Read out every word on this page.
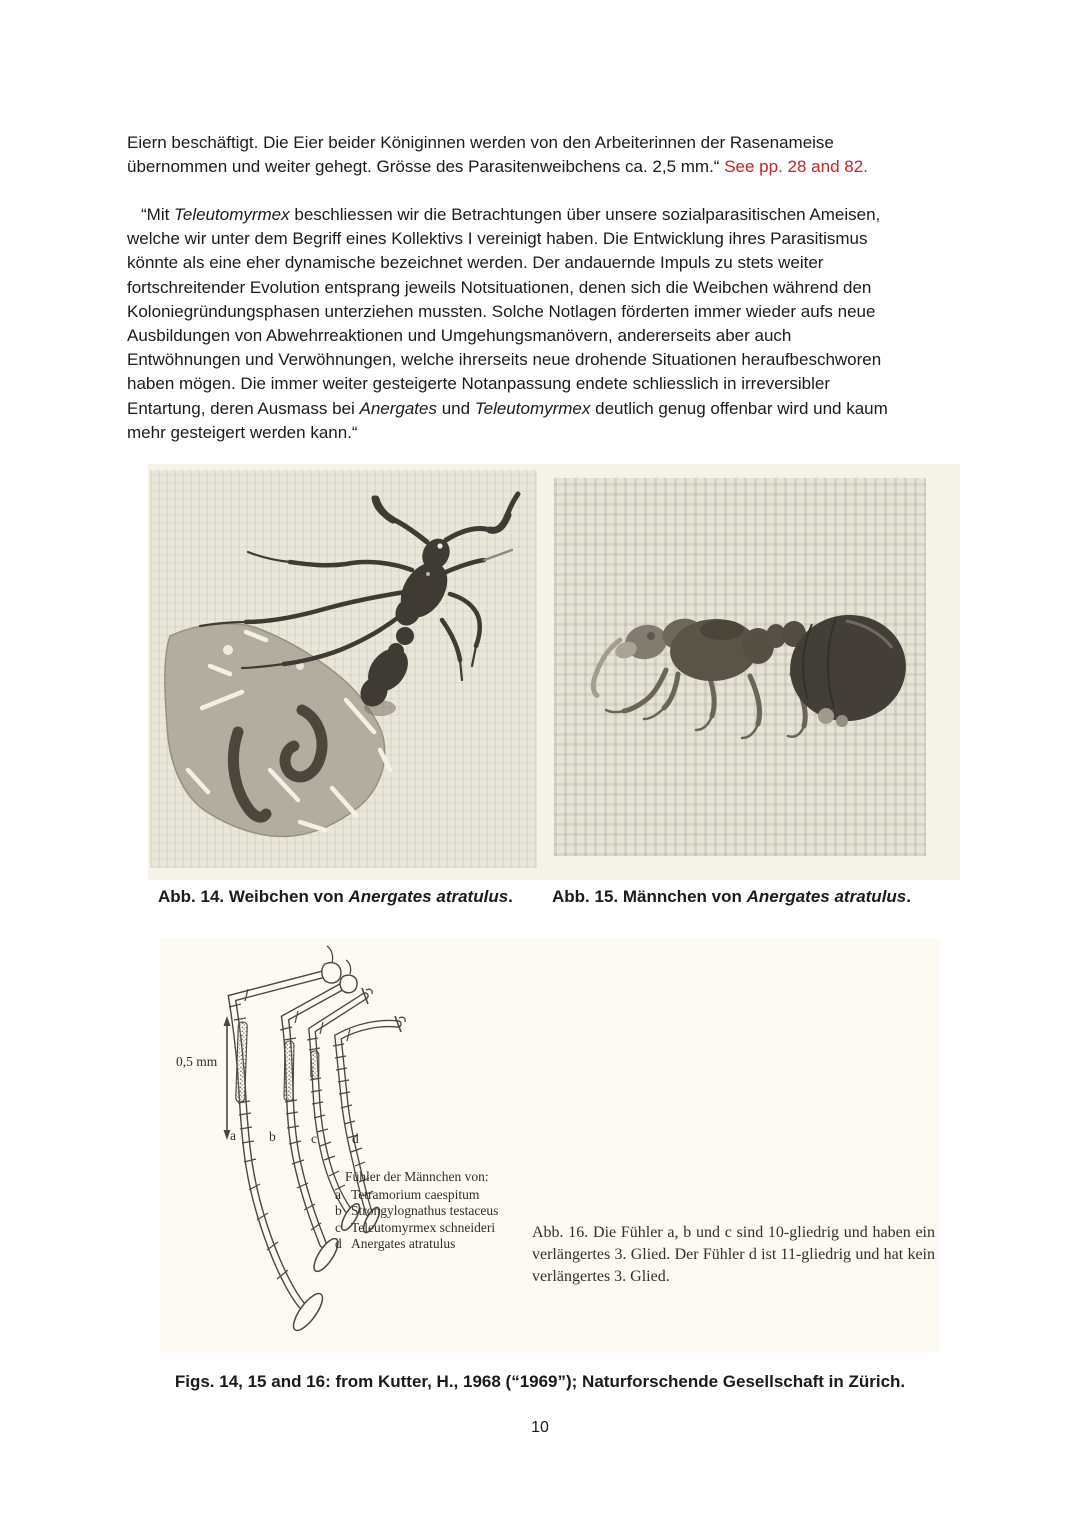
Eiern beschäftigt. Die Eier beider Königinnen werden von den Arbeiterinnen der Rasenameise
übernommen und weiter gehegt. Grösse des Parasitenweibchens ca. 2,5 mm.“ See pp. 28 and 82.
“Mit Teleutomyrmex beschliessen wir die Betrachtungen über unsere sozialparasitischen Ameisen,
welche wir unter dem Begriff eines Kollektivs I vereinigt haben. Die Entwicklung ihres Parasitismus
könnte als eine eher dynamische bezeichnet werden. Der andauernde Impuls zu stets weiter
fortschreitender Evolution entsprang jeweils Notsituationen, denen sich die Weibchen während den
Koloniegründungsphasen unterziehen mussten. Solche Notlagen förderten immer wieder aufs neue
Ausbildungen von Abwehrreaktionen und Umgehungsmanövern, andererseits aber auch
Entwöhnungen und Verwöhnungen, welche ihrerseits neue drohende Situationen heraufbeschworen
haben mögen. Die immer weiter gesteigerte Notanpassung endete schliesslich in irreversibler
Entartung, deren Ausmass bei Anergates und Teleutomyrmex deutlich genug offenbar wird und kaum
mehr gesteigert werden kann.“
Abb. 14. Weibchen von Anergates atratulus. Abb. 15. Männchen von Anergates atratulus.
0,5 mm
a b	c	d
Fühler der Männchen von:
a Tetramorium caespitum
b Strongylognathus testaceus
c Teleutomyrmex schneideri
d Anergates atratulus
Abb. 16. Die Fühler a, b und c sind 10-gliedrig und haben ein verlängertes 3. Glied. Der Fühler d ist 11-gliedrig und hat kein verlängertes 3. Glied.
Figs. 14, 15 and 16: from Kutter, H., 1968 (“1969”); Naturforschende Gesellschaft in Zürich.
10
